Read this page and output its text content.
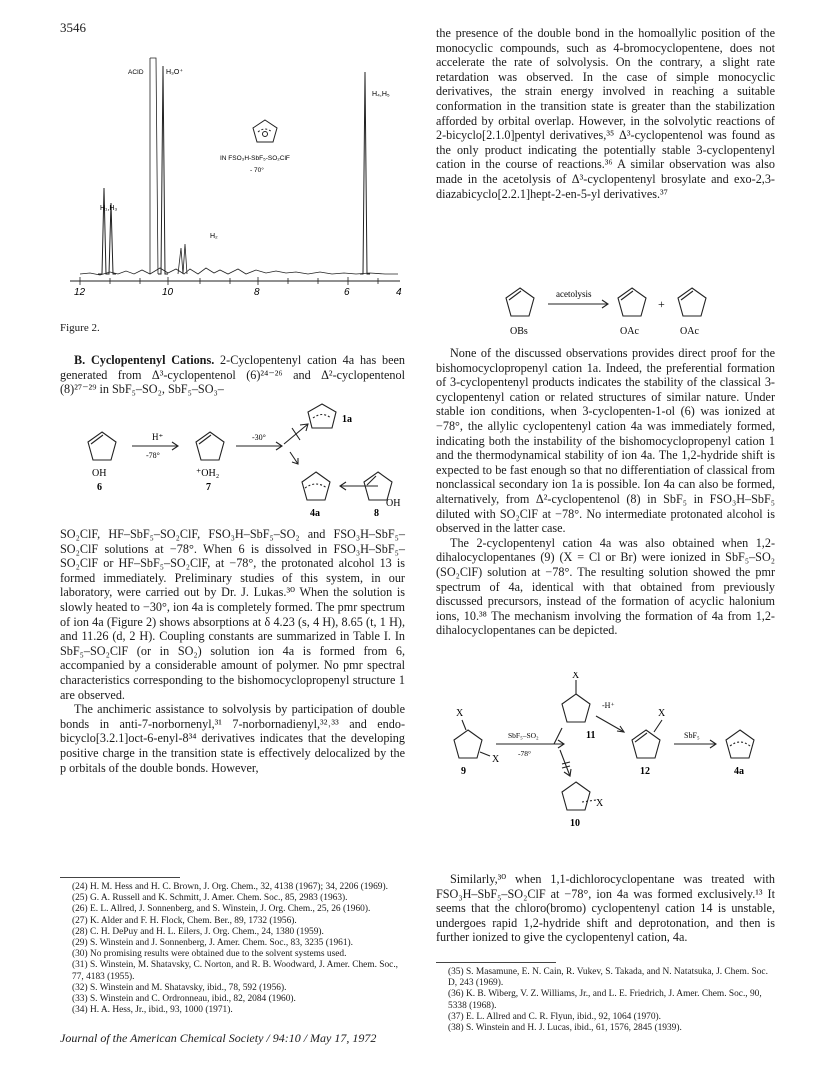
3546
12	10	8	6	4
ACID	H₃O⁺
H₄,H₅
H₁,H₃
H₂
IN FSO₃H-SbF₅-SO₂ClF
- 70°
Figure 2.

B. Cyclopentenyl Cations. 2-Cyclopentenyl cation 4a has been generated from Δ³-cyclopentenol (6)²⁴⁻²⁶ and Δ²-cyclopentenol (8)²⁷⁻²⁹ in SbF₅–SO₂, SbF₅–SO₃–

H⁺
-78°
-30°
OH	⁺OH₂
OH
6	7
1a
4a	8

SO₂ClF, HF–SbF₅–SO₂ClF, FSO₃H–SbF₅–SO₂ and FSO₃H–SbF₅–SO₂ClF solutions at −78°. When 6 is dissolved in FSO₃H–SbF₅–SO₂ClF or HF–SbF₅–SO₂ClF, at −78°, the protonated alcohol 13 is formed immediately. Preliminary studies of this system, in our laboratory, were carried out by Dr. J. Lukas.³⁰ When the solution is slowly heated to −30°, ion 4a is completely formed. The pmr spectrum of ion 4a (Figure 2) shows absorptions at δ 4.23 (s, 4 H), 8.65 (t, 1 H), and 11.26 (d, 2 H). Coupling constants are summarized in Table I. In SbF₅–SO₂ClF (or in SO₂) solution ion 4a is formed from 6, accompanied by a considerable amount of polymer. No pmr spectral characteristics corresponding to the bishomocyclopropenyl structure 1 are observed.

The anchimeric assistance to solvolysis by participation of double bonds in anti-7-norbornenyl,³¹ 7-norbornadienyl,³²˒³³ and endo-bicyclo[3.2.1]oct-6-enyl-8³⁴ derivatives indicates that the developing positive charge in the transition state is effectively delocalized by the p orbitals of the double bonds. However,

(24) H. M. Hess and H. C. Brown, J. Org. Chem., 32, 4138 (1967); 34, 2206 (1969).
(25) G. A. Russell and K. Schmitt, J. Amer. Chem. Soc., 85, 2983 (1963).
(26) E. L. Allred, J. Sonnenberg, and S. Winstein, J. Org. Chem., 25, 26 (1960).
(27) K. Alder and F. H. Flock, Chem. Ber., 89, 1732 (1956).
(28) C. H. DePuy and H. L. Eilers, J. Org. Chem., 24, 1380 (1959).
(29) S. Winstein and J. Sonnenberg, J. Amer. Chem. Soc., 83, 3235 (1961).
(30) No promising results were obtained due to the solvent systems used.
(31) S. Winstein, M. Shatavsky, C. Norton, and R. B. Woodward, J. Amer. Chem. Soc., 77, 4183 (1955).
(32) S. Winstein and M. Shatavsky, ibid., 78, 592 (1956).
(33) S. Winstein and C. Ordronneau, ibid., 82, 2084 (1960).
(34) H. A. Hess, Jr., ibid., 93, 1000 (1971).

the presence of the double bond in the homoallylic position of the monocyclic compounds, such as 4-bromocyclopentene, does not accelerate the rate of solvolysis. On the contrary, a slight rate retardation was observed. In the case of simple monocyclic derivatives, the strain energy involved in reaching a suitable conformation in the transition state is greater than the stabilization afforded by orbital overlap. However, in the solvolytic reactions of 2-bicyclo[2.1.0]pentyl derivatives,³⁵ Δ³-cyclopentenol was found as the only product indicating the potentially stable 3-cyclopentenyl cation in the course of reactions.³⁶ A similar observation was also made in the acetolysis of Δ³-cyclopentenyl brosylate and exo-2,3-diazabicyclo[2.2.1]hept-2-en-5-yl derivatives.³⁷

acetolysis
+
OBs	OAc	OAc

None of the discussed observations provides direct proof for the bishomocyclopropenyl cation 1a. Indeed, the preferential formation of 3-cyclopentenyl products indicates the stability of the classical 3-cyclopentenyl cation or related structures of similar nature. Under stable ion conditions, when 3-cyclopenten-1-ol (6) was ionized at −78°, the allylic cyclopentenyl cation 4a was immediately formed, indicating both the instability of the bishomocyclopropenyl cation 1 and the thermodynamical stability of ion 4a. The 1,2-hydride shift is expected to be fast enough so that no differentiation of classical from nonclassical secondary ion 1a is possible. Ion 4a can also be formed, alternatively, from Δ²-cyclopentenol (8) in SbF₅ in FSO₃H–SbF₅ diluted with SO₂ClF at −78°. No intermediate protonated alcohol is observed in the latter case.

The 2-cyclopentenyl cation 4a was also obtained when 1,2-dihalocyclopentanes (9) (X = Cl or Br) were ionized in SbF₅–SO₂ (SO₂ClF) solution at −78°. The resulting solution showed the pmr spectrum of 4a, identical with that obtained from previously discussed precursors, instead of the formation of acyclic halonium ions, 10.³⁸ The mechanism involving the formation of 4a from 1,2-dihalocyclopentanes can be depicted.

X
X
X
X
X
SbF₅–SO₂
-78°
-H⁺
SbF₅
9
10
11
12	4a

Similarly,³⁰ when 1,1-dichlorocyclopentane was treated with FSO₃H–SbF₅–SO₂ClF at −78°, ion 4a was formed exclusively.¹³ It seems that the chloro(bromo) cyclopentenyl cation 14 is unstable, undergoes rapid 1,2-hydride shift and deprotonation, and then is further ionized to give the cyclopentenyl cation, 4a.

(35) S. Masamune, E. N. Cain, R. Vukev, S. Takada, and N. Natatsuka, J. Chem. Soc. D, 243 (1969).
(36) K. B. Wiberg, V. Z. Williams, Jr., and L. E. Friedrich, J. Amer. Chem. Soc., 90, 5338 (1968).
(37) E. L. Allred and C. R. Flyun, ibid., 92, 1064 (1970).
(38) S. Winstein and H. J. Lucas, ibid., 61, 1576, 2845 (1939).
Journal of the American Chemical Society / 94:10 / May 17, 1972
